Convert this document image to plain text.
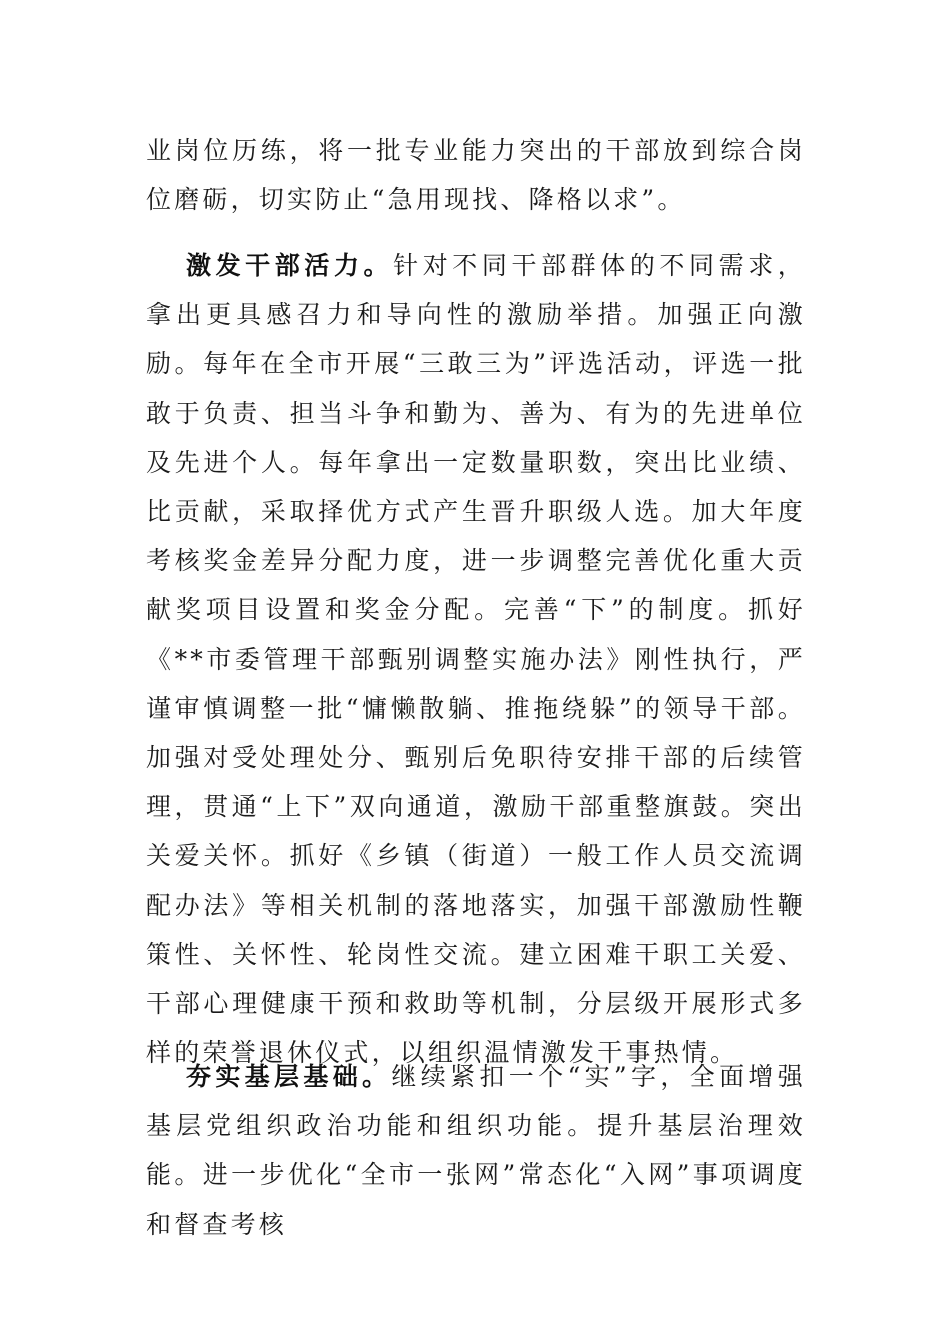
业岗位历练，将一批专业能力突出的干部放到综合岗位磨砺，切实防止“急用现找、降格以求”。

激发干部活力。针对不同干部群体的不同需求，拿出更具感召力和导向性的激励举措。加强正向激励。每年在全市开展“三敢三为”评选活动，评选一批敢于负责、担当斗争和勤为、善为、有为的先进单位及先进个人。每年拿出一定数量职数，突出比业绩、比贡献，采取择优方式产生晋升职级人选。加大年度考核奖金差异分配力度，进一步调整完善优化重大贡献奖项目设置和奖金分配。完善“下”的制度。抓好《**市委管理干部甄别调整实施办法》刚性执行，严谨审慎调整一批“慵懒散躺、推拖绕躲”的领导干部。加强对受处理处分、甄别后免职待安排干部的后续管理，贯通“上下”双向通道，激励干部重整旗鼓。突出关爱关怀。抓好《乡镇（街道）一般工作人员交流调配办法》等相关机制的落地落实，加强干部激励性鞭策性、关怀性、轮岗性交流。建立困难干职工关爱、干部心理健康干预和救助等机制，分层级开展形式多样的荣誉退休仪式，以组织温情激发干事热情。

夯实基层基础。继续紧扣一个“实”字，全面增强基层党组织政治功能和组织功能。提升基层治理效能。进一步优化“全市一张网”常态化“入网”事项调度和督查考核
